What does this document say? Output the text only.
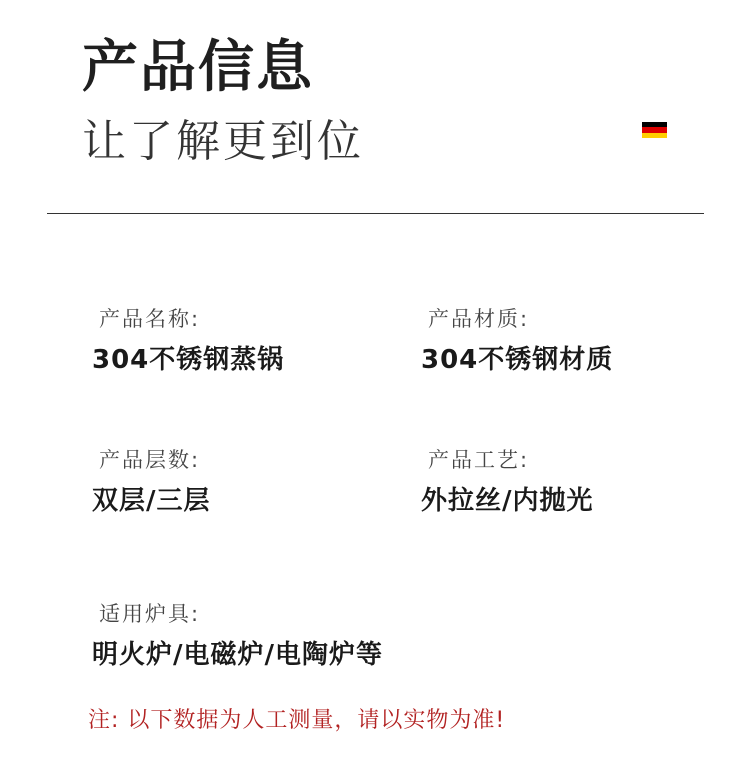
产品信息
让了解更到位
产品名称:
304不锈钢蒸锅
产品材质:
304不锈钢材质
产品层数:
双层/三层
产品工艺:
外拉丝/内抛光
适用炉具:
明火炉/电磁炉/电陶炉等
注: 以下数据为人工测量，请以实物为准!
